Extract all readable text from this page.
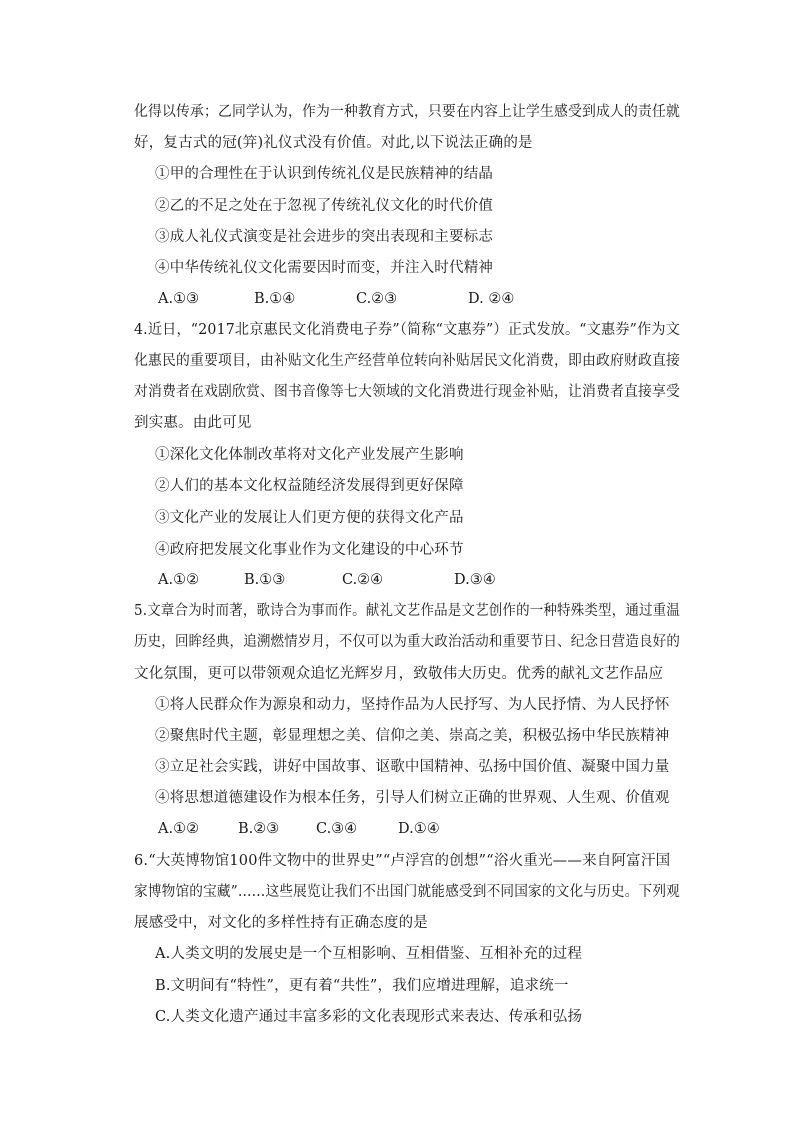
化得以传承；乙同学认为，作为一种教育方式，只要在内容上让学生感受到成人的责任就
好，复古式的冠(笄)礼仪式没有价值。对此,以下说法正确的是
①甲的合理性在于认识到传统礼仪是民族精神的结晶
②乙的不足之处在于忽视了传统礼仪文化的时代价值
③成人礼仪式演变是社会进步的突出表现和主要标志
④中华传统礼仪文化需要因时而变，并注入时代精神
A.①③	B.①④	C.②③	D. ②④
4.近日，“2017北京惠民文化消费电子券”（简称“文惠券”）正式发放。“文惠券”作为文
化惠民的重要项目，由补贴文化生产经营单位转向补贴居民文化消费，即由政府财政直接
对消费者在戏剧欣赏、图书音像等七大领域的文化消费进行现金补贴，让消费者直接享受
到实惠。由此可见
①深化文化体制改革将对文化产业发展产生影响
②人们的基本文化权益随经济发展得到更好保障
③文化产业的发展让人们更方便的获得文化产品
④政府把发展文化事业作为文化建设的中心环节
A.①②	B.①③	C.②④	D.③④
5.文章合为时而著，歌诗合为事而作。献礼文艺作品是文艺创作的一种特殊类型，通过重温
历史，回眸经典，追溯燃情岁月，不仅可以为重大政治活动和重要节日、纪念日营造良好的
文化氛围，更可以带领观众追忆光辉岁月，致敬伟大历史。优秀的献礼文艺作品应
①将人民群众作为源泉和动力，坚持作品为人民抒写、为人民抒情、为人民抒怀
②聚焦时代主题，彰显理想之美、信仰之美、崇高之美，积极弘扬中华民族精神
③立足社会实践，讲好中国故事、讴歌中国精神、弘扬中国价值、凝聚中国力量
④将思想道德建设作为根本任务，引导人们树立正确的世界观、人生观、价值观
A.①②	B.②③	C.③④	D.①④
6.“大英博物馆100件文物中的世界史”“卢浮宫的创想”“浴火重光——来自阿富汗国
家博物馆的宝藏”……这些展览让我们不出国门就能感受到不同国家的文化与历史。下列观
展感受中，对文化的多样性持有正确态度的是
A.人类文明的发展史是一个互相影响、互相借鉴、互相补充的过程
B.文明间有“特性”，更有着“共性”，我们应增进理解，追求统一
C.人类文化遗产通过丰富多彩的文化表现形式来表达、传承和弘扬
